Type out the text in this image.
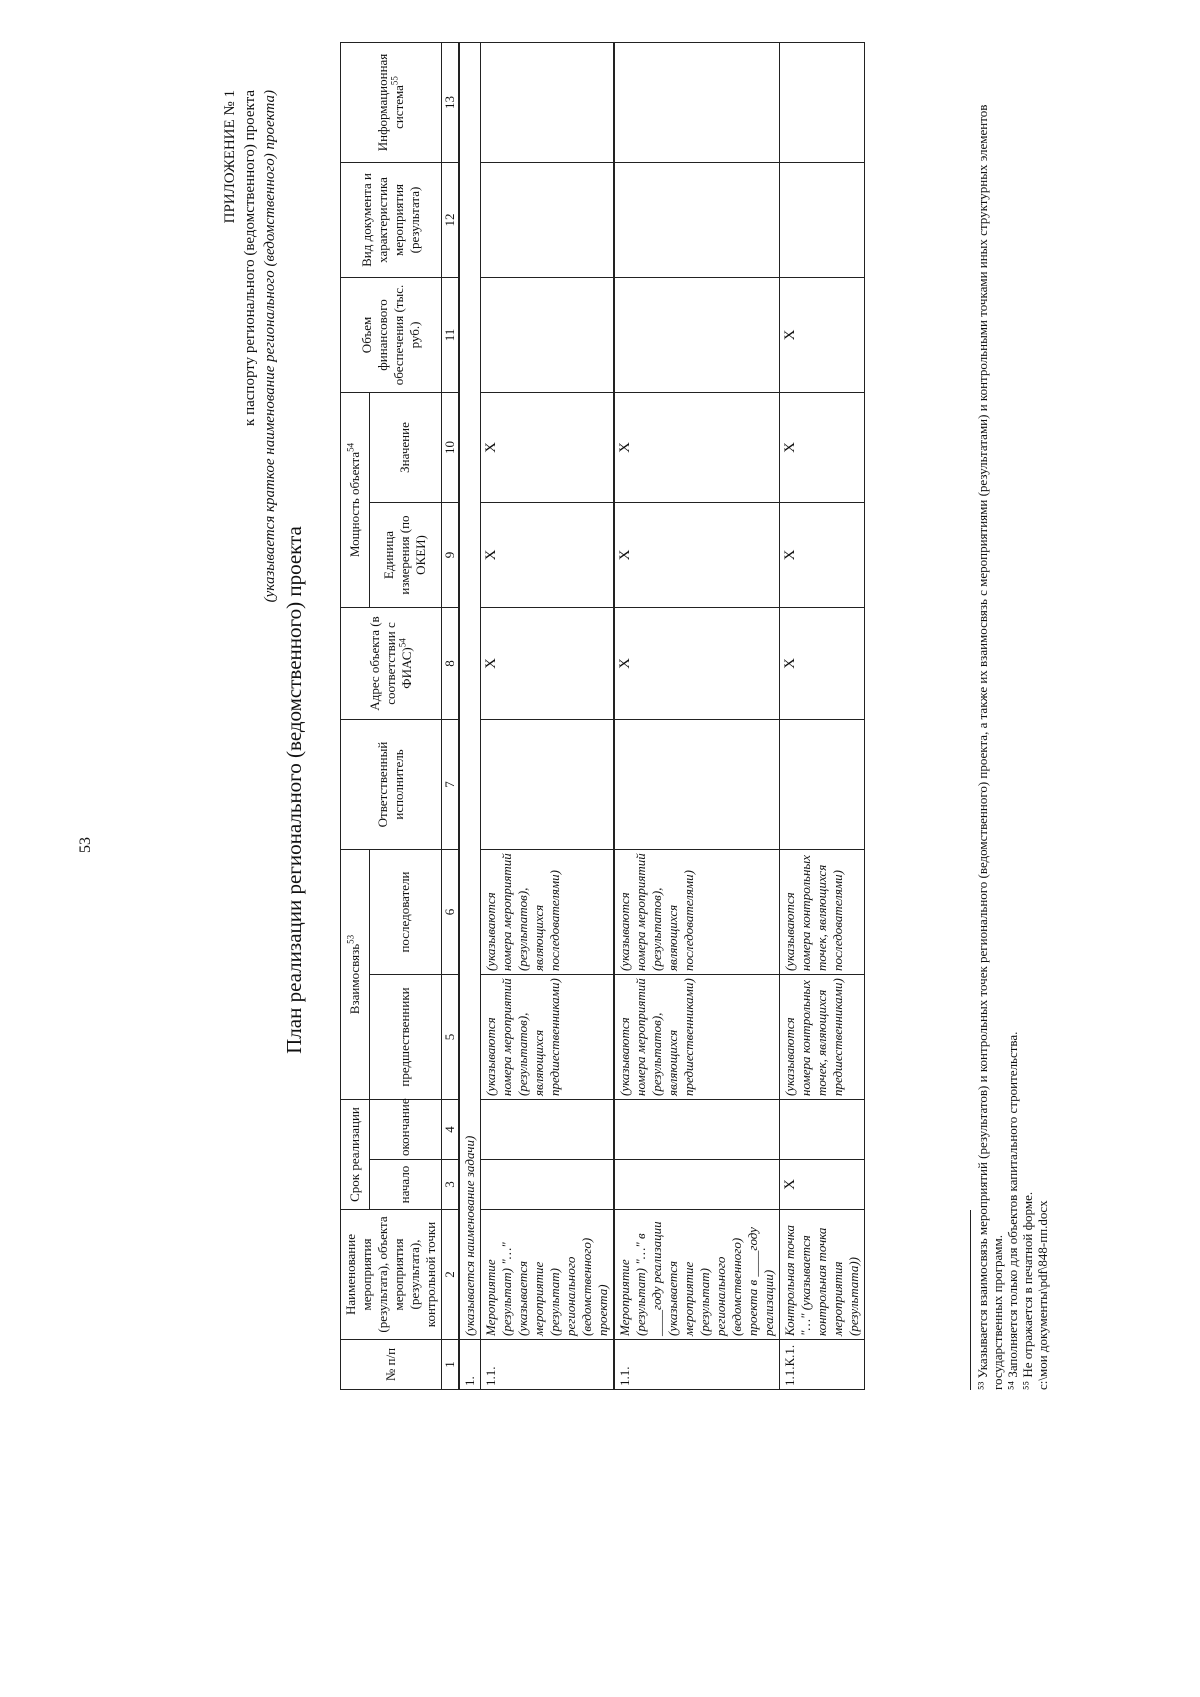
53
ПРИЛОЖЕНИЕ № 1 к паспорту регионального (ведомственного) проекта (указывается краткое наименование регионального (ведомственного) проекта)
План реализации регионального (ведомственного) проекта
№ п/п	Наименование мероприятия (результата), объекта мероприятия (результата), контрольной точки	Срок реализации		Взаимосвязь$^{53}$		Ответственный исполнитель	Адрес объекта (в соответствии с ФИАС)$^{54}$	Мощность объекта$^{54}$		Объем финансового обеспечения (тыс. руб.)	Вид документа и характеристика мероприятия (результата)	Информационная система$^{55}$
		начало	окончание	предшественники	последователи			Единица измерения (по ОКЕИ)	Значение			
1	2	3	4	5	6	7	8	9	10	11	12	13
1.	(указывается наименование задачи)											
1.1.	Мероприятие (результат) "…" (указывается мероприятие (результат) регионального (ведомственного) проекта)			(указываются номера мероприятий (результатов), являющихся предшественниками)	(указываются номера мероприятий (результатов), являющихся последователями)		X	X	X			
1.1.	Мероприятие (результат) "…" в ____году реализации (указывается мероприятие (результат) регионального (ведомственного) проекта в ____году реализации)			(указываются номера мероприятий (результатов), являющихся предшественниками)	(указываются номера мероприятий (результатов), являющихся последователями)		X	X	X			
1.1.К.1.	Контрольная точка "…" (указывается контрольная точка мероприятия (результата))	X		(указываются номера контрольных точек, являющихся предшественниками)	(указываются номера контрольных точек, являющихся последователями)		X	X	X	X			⁵³ Указывается взаимосвязь мероприятий (результатов) и контрольных точек регионального (ведомственного) проекта, а также их взаимосвязь с мероприятиями (результатами) и контрольными точками иных структурных элементов государственных программ. ⁵⁴ Заполняется только для объектов капитального строительства. ⁵⁵ Не отражается в печатной форме. c:\мои документы\pdf\848-пп.docx
